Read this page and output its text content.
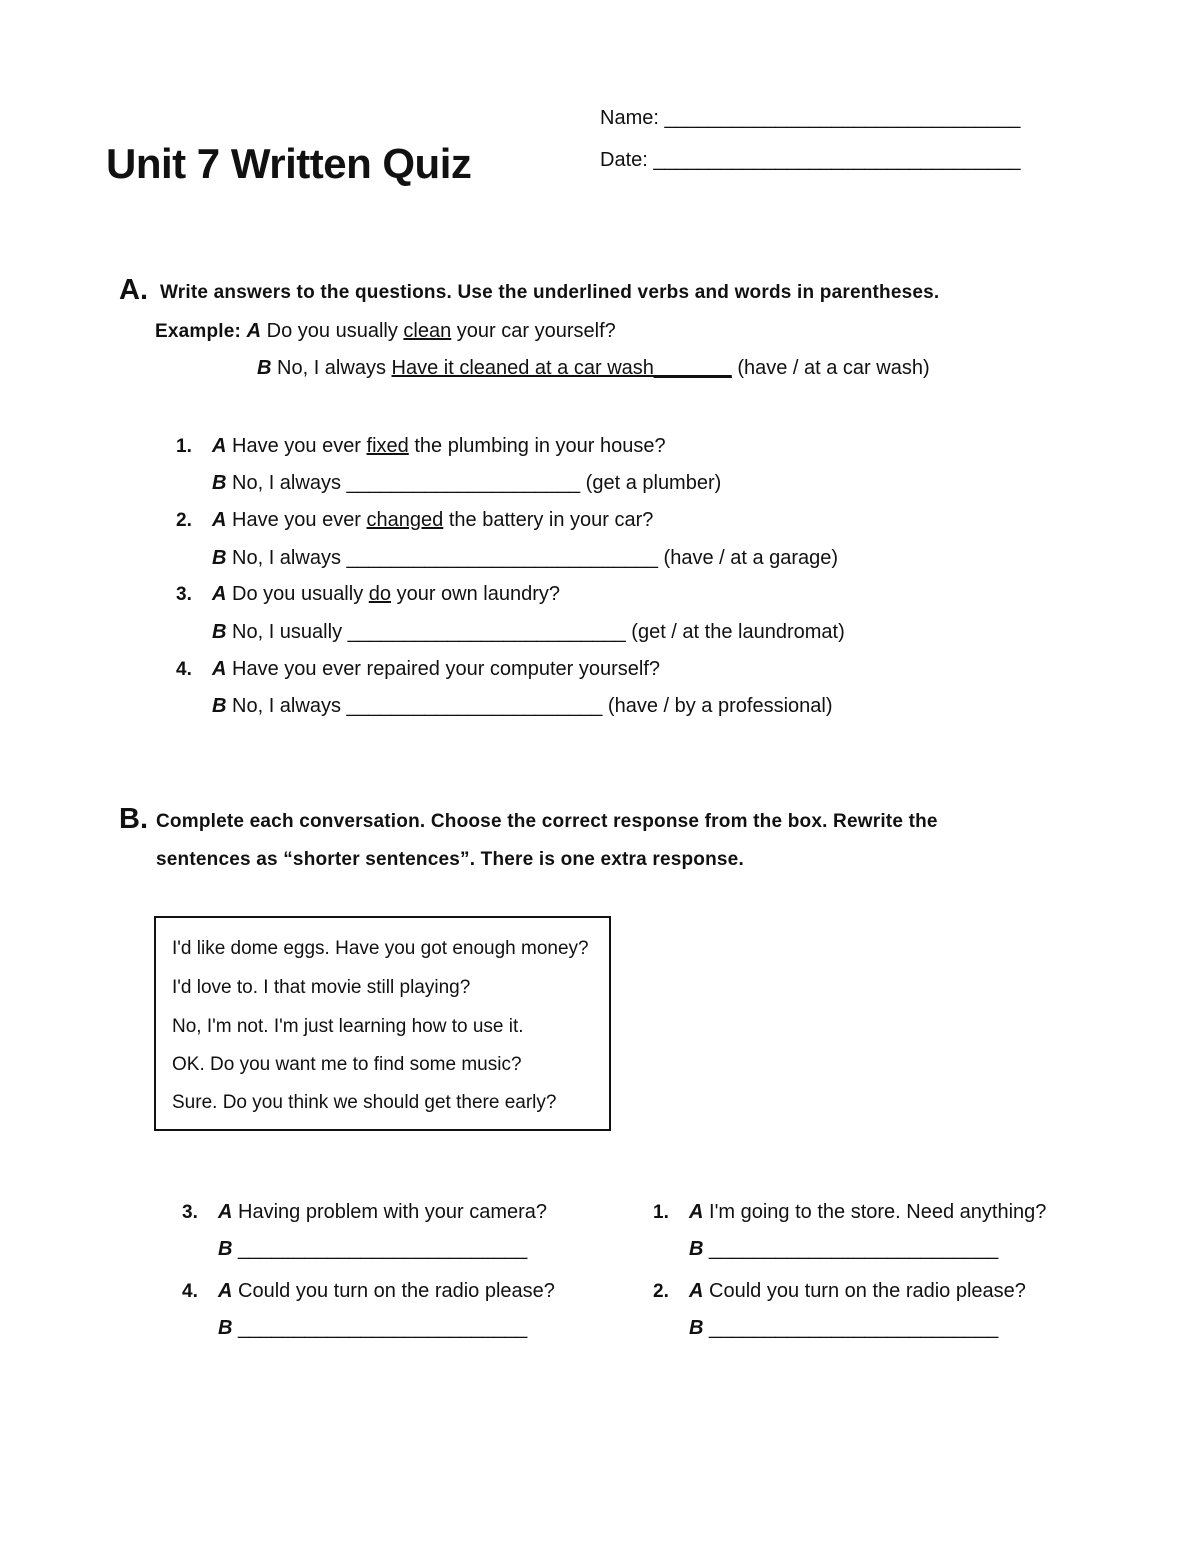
Unit 7 Written Quiz
Name: ________________________________
Date: _________________________________
A. Write answers to the questions. Use the underlined verbs and words in parentheses.
Example: A Do you usually clean your car yourself?
B No, I always Have it cleaned at a car wash_______ (have / at a car wash)
1. A Have you ever fixed the plumbing in your house?
B No, I always _____________________ (get a plumber)
2. A Have you ever changed the battery in your car?
B No, I always ____________________________ (have / at a garage)
3. A Do you usually do your own laundry?
B No, I usually _________________________ (get / at the laundromat)
4. A Have you ever repaired your computer yourself?
B No, I always _______________________ (have / by a professional)
B. Complete each conversation. Choose the correct response from the box. Rewrite the
sentences as “shorter sentences”. There is one extra response.
I'd like dome eggs. Have you got enough money?
I'd love to. I that movie still playing?
No, I'm not. I'm just learning how to use it.
OK. Do you want me to find some music?
Sure. Do you think we should get there early?
3. A Having problem with your camera?
B __________________________
4. A Could you turn on the radio please?
B __________________________
1. A I'm going to the store. Need anything?
B __________________________
2. A Could you turn on the radio please?
B __________________________
